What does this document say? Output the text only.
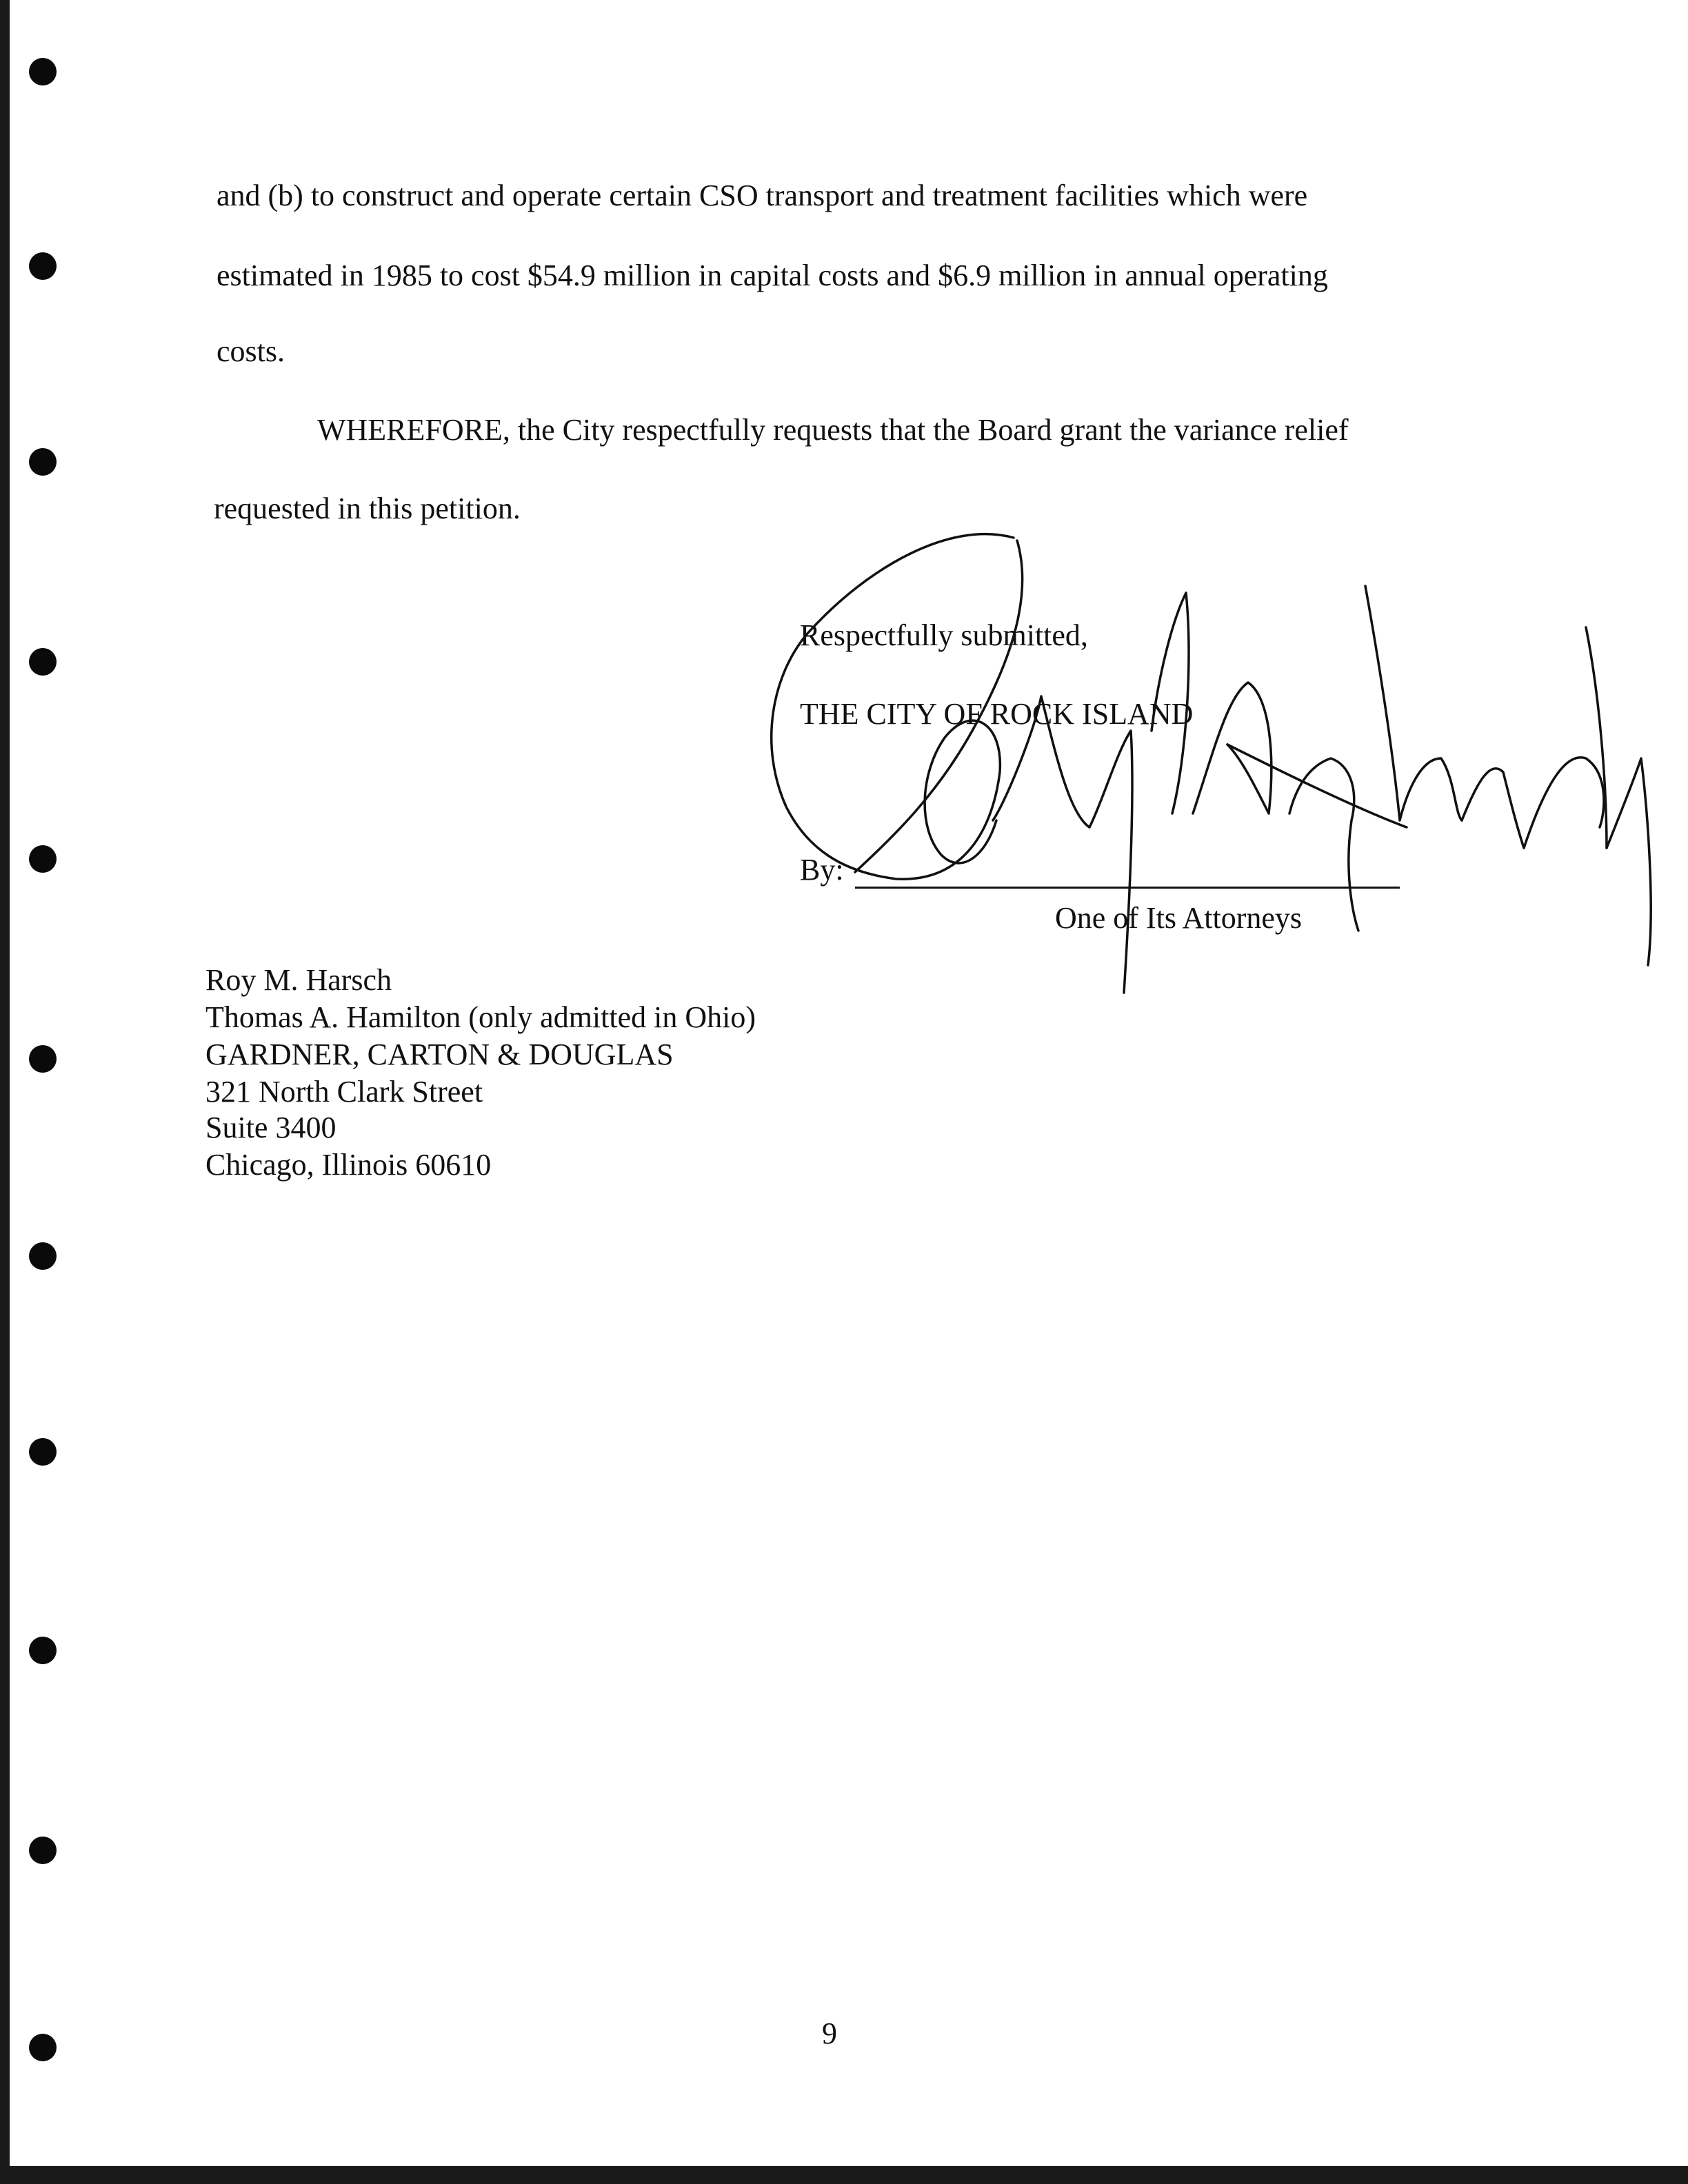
and (b) to construct and operate certain CSO transport and treatment facilities which were
estimated in 1985 to cost $54.9 million in capital costs and $6.9 million in annual operating
costs.
WHEREFORE, the City respectfully requests that the Board grant the variance relief
requested in this petition.
Respectfully submitted,
THE CITY OF ROCK ISLAND
By:
One of Its Attorneys
Roy M. Harsch
Thomas A. Hamilton (only admitted in Ohio)
GARDNER, CARTON & DOUGLAS
321 North Clark Street
Suite 3400
Chicago, Illinois 60610
9
